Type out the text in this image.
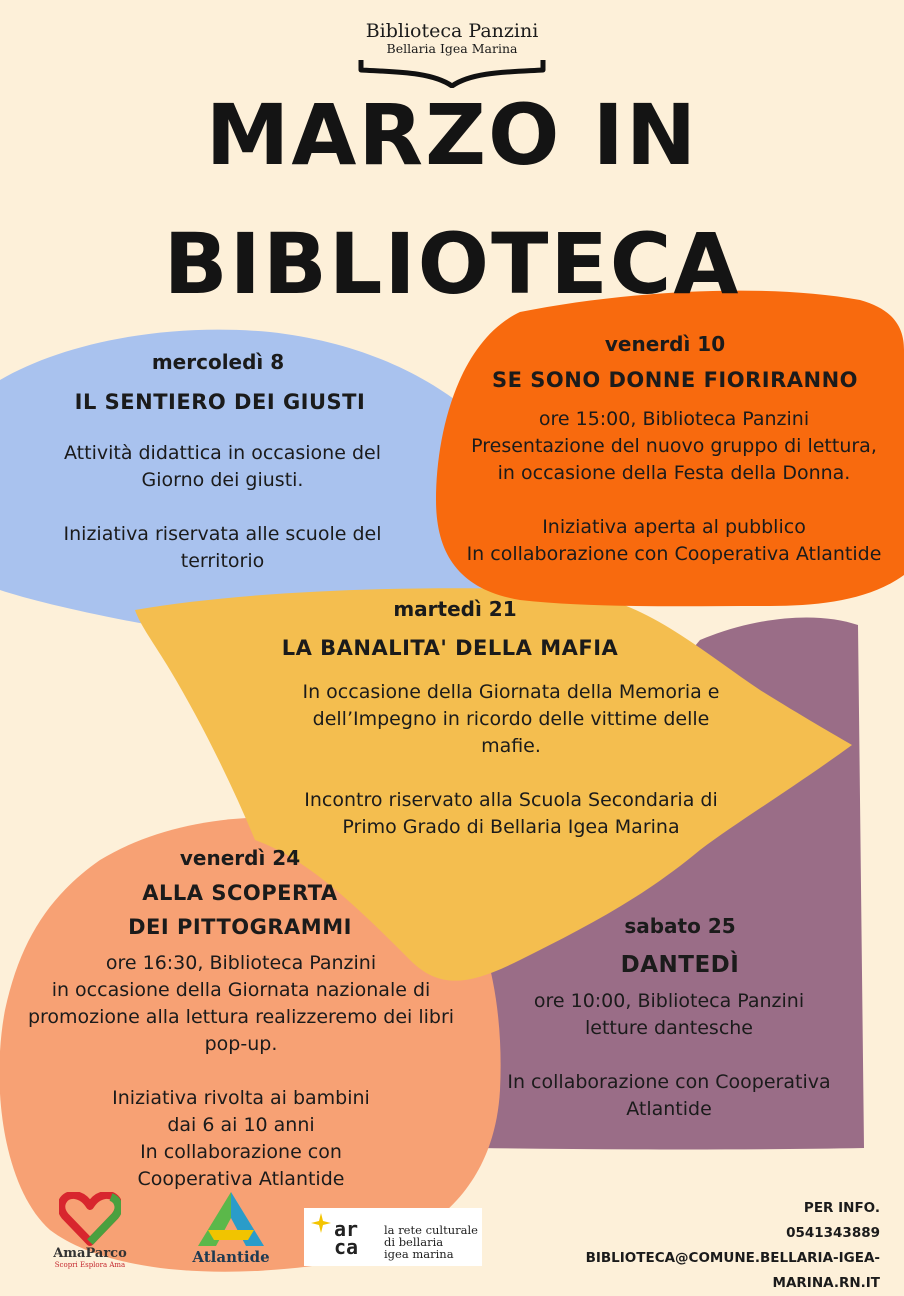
Biblioteca Panzini
Bellaria Igea Marina
MARZO IN
BIBLIOTECA
mercoledì 8
IL SENTIERO DEI GIUSTI
Attività didattica in occasione del
Giorno dei giusti.
Iniziativa riservata alle scuole del
territorio
venerdì 10
SE SONO DONNE FIORIRANNO
ore 15:00, Biblioteca Panzini
Presentazione del nuovo gruppo di lettura,
in occasione della Festa della Donna.
Iniziativa aperta al pubblico
In collaborazione con Cooperativa Atlantide
martedì 21
LA BANALITA' DELLA MAFIA
In occasione della Giornata della Memoria e
dell’Impegno in ricordo delle vittime delle
mafie.
Incontro riservato alla Scuola Secondaria di
Primo Grado di Bellaria Igea Marina
venerdì 24
ALLA SCOPERTA
DEI PITTOGRAMMI
ore 16:30, Biblioteca Panzini
in occasione della Giornata nazionale di
promozione alla lettura realizzeremo dei libri
pop-up.
Iniziativa rivolta ai bambini
dai 6 ai 10 anni
In collaborazione con
Cooperativa Atlantide
sabato 25
DANTEDÌ
ore 10:00, Biblioteca Panzini
letture dantesche
In collaborazione con Cooperativa
Atlantide
AmaParco
Scopri Esplora Ama	Atlantide
ar
ca
la rete culturale
di bellaria
igea marina
PER INFO.
0541343889
BIBLIOTECA@COMUNE.BELLARIA-IGEA-MARINA.RN.IT
